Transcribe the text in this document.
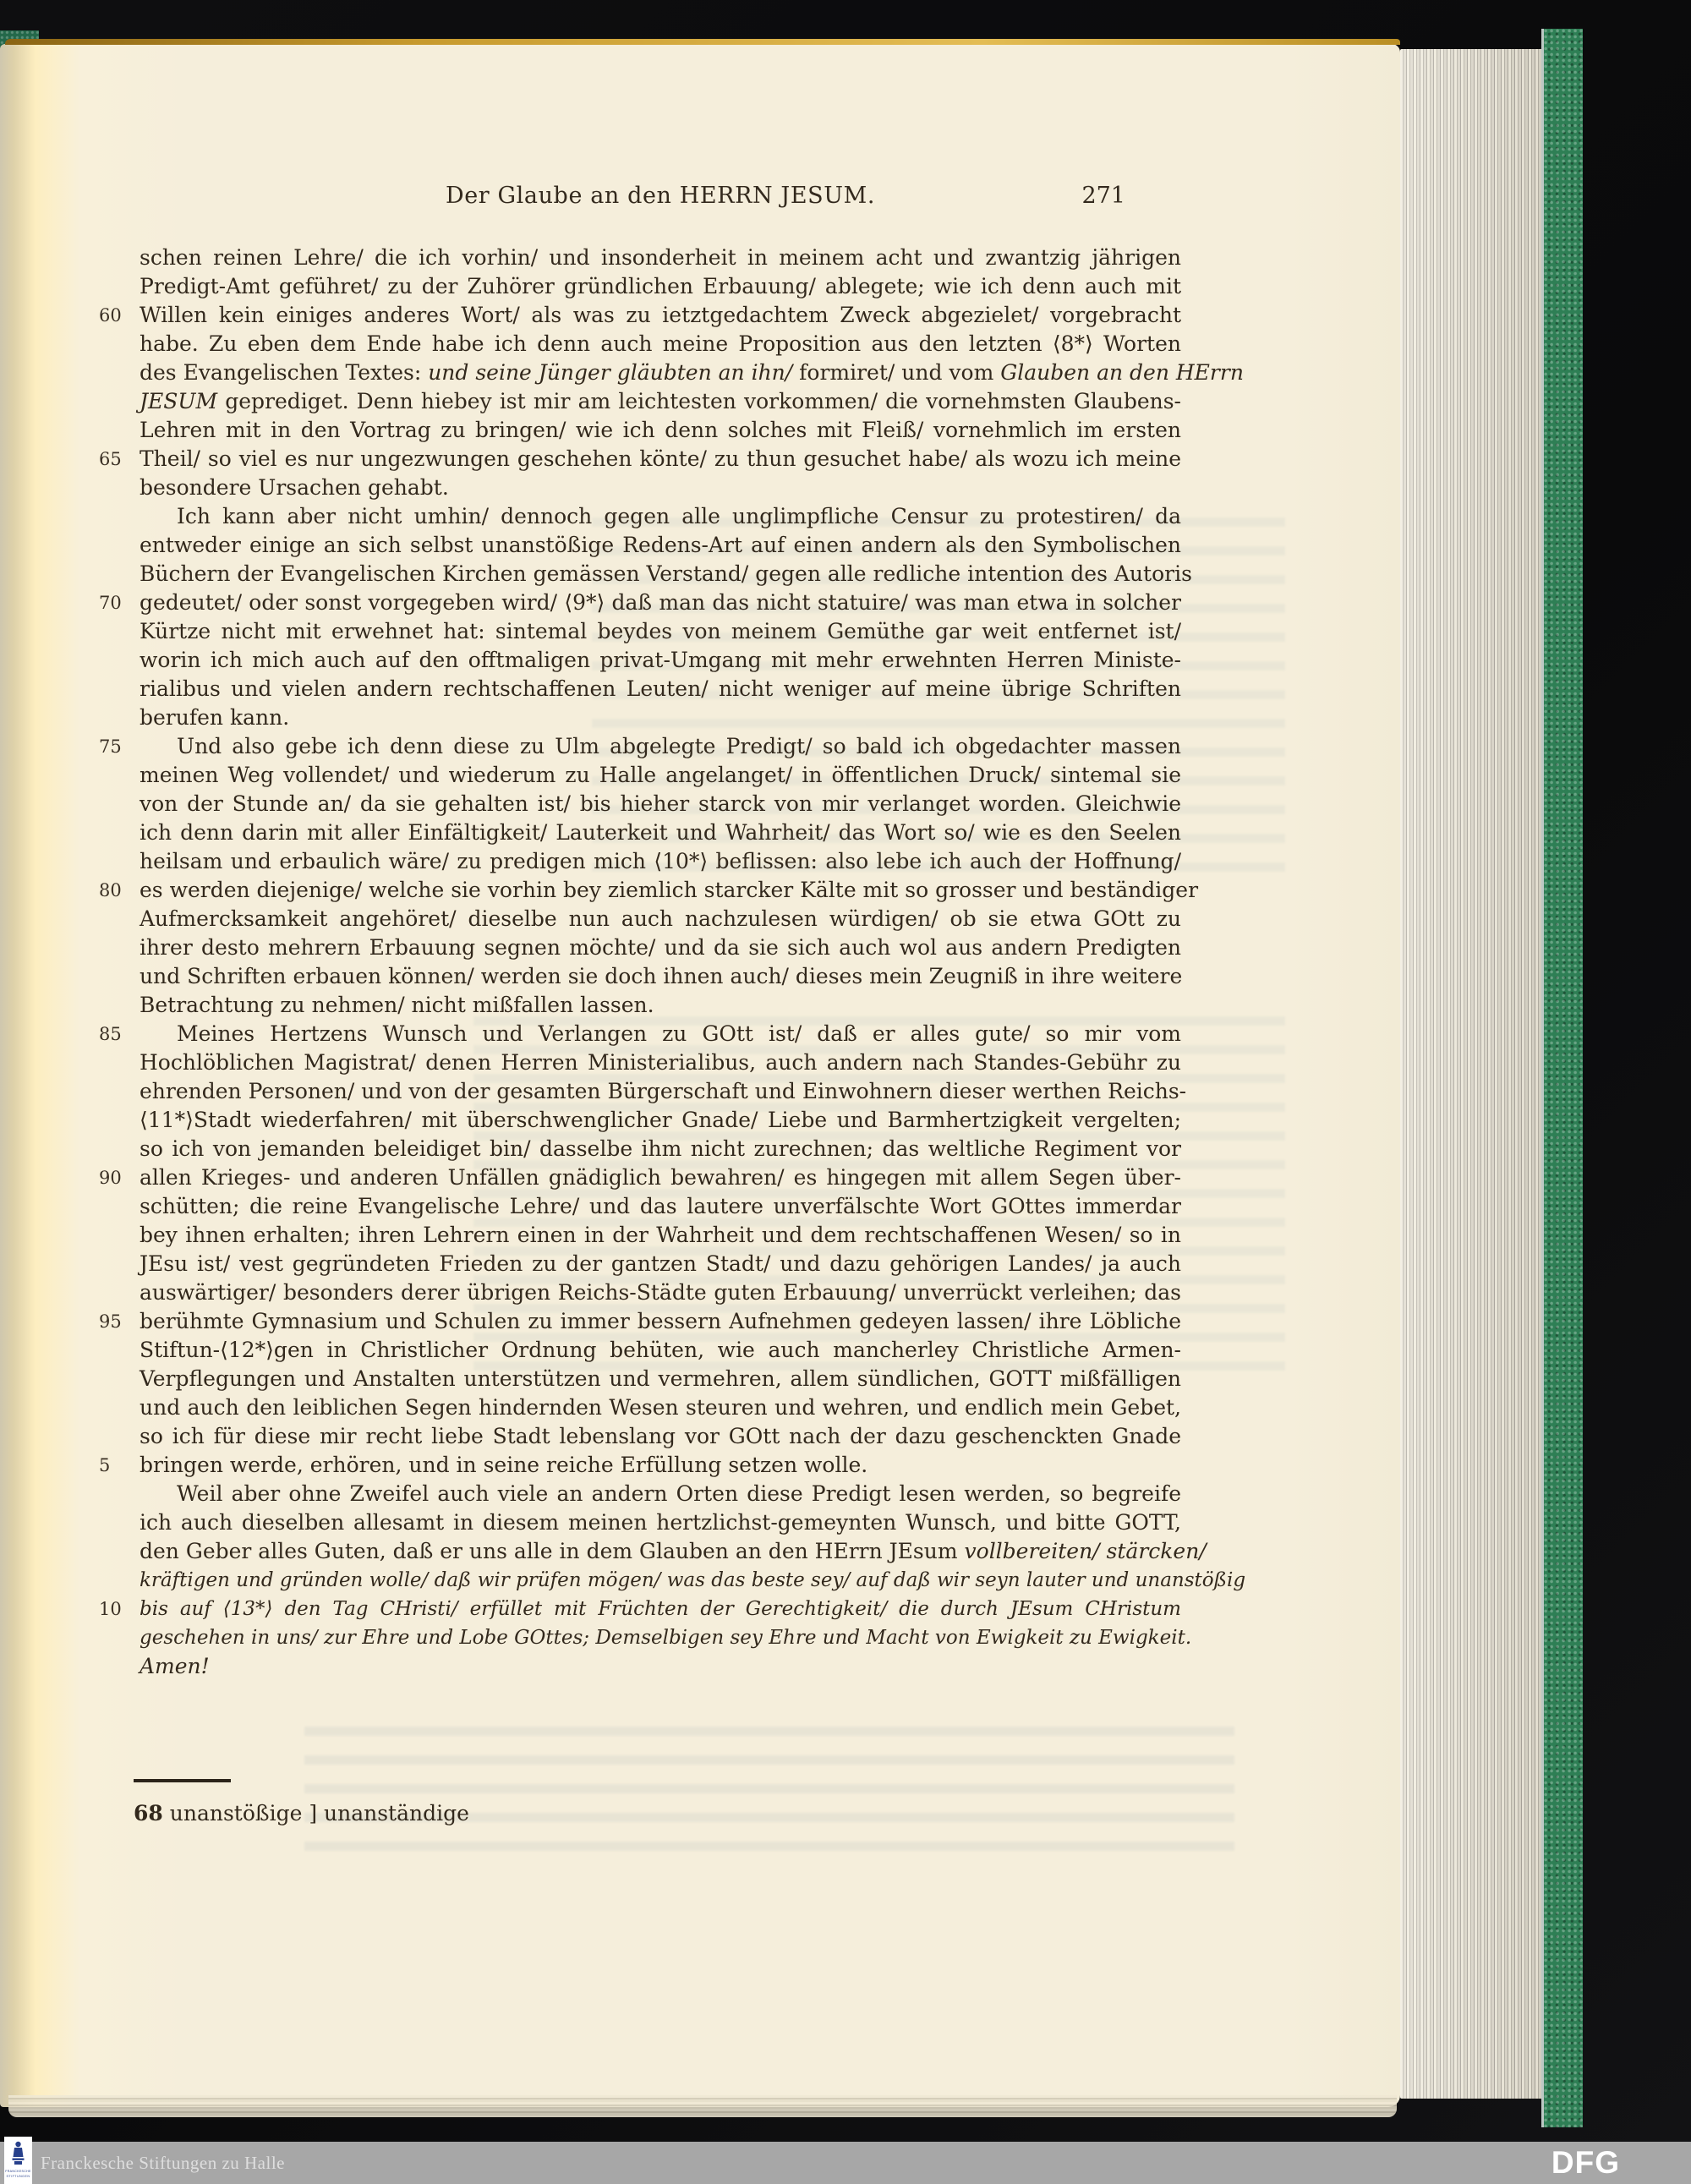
Der Glaube an den HERRN JESUM.	271
schen reinen Lehre/ die ich vorhin/ und insonderheit in meinem acht und zwantzig jährigen
Predigt-Amt geführet/ zu der Zuhörer gründlichen Erbauung/ ablegete; wie ich denn auch mit
60 Willen kein einiges anderes Wort/ als was zu ietztgedachtem Zweck abgezielet/ vorgebracht
habe. Zu eben dem Ende habe ich denn auch meine Proposition aus den letzten ⟨8*⟩ Worten
des Evangelischen Textes: und seine Jünger gläubten an ihn/ formiret/ und vom Glauben an den HErrn
JESUM geprediget. Denn hiebey ist mir am leichtesten vorkommen/ die vornehmsten Glaubens-
Lehren mit in den Vortrag zu bringen/ wie ich denn solches mit Fleiß/ vornehmlich im ersten
65 Theil/ so viel es nur ungezwungen geschehen könte/ zu thun gesuchet habe/ als wozu ich meine
besondere Ursachen gehabt.
Ich kann aber nicht umhin/ dennoch gegen alle unglimpfliche Censur zu protestiren/ da
entweder einige an sich selbst unanstößige Redens-Art auf einen andern als den Symbolischen
Büchern der Evangelischen Kirchen gemässen Verstand/ gegen alle redliche intention des Autoris
70 gedeutet/ oder sonst vorgegeben wird/ ⟨9*⟩ daß man das nicht statuire/ was man etwa in solcher
Kürtze nicht mit erwehnet hat: sintemal beydes von meinem Gemüthe gar weit entfernet ist/
worin ich mich auch auf den offtmaligen privat-Umgang mit mehr erwehnten Herren Ministe-
rialibus und vielen andern rechtschaffenen Leuten/ nicht weniger auf meine übrige Schriften
berufen kann.
75	Und also gebe ich denn diese zu Ulm abgelegte Predigt/ so bald ich obgedachter massen
meinen Weg vollendet/ und wiederum zu Halle angelanget/ in öffentlichen Druck/ sintemal sie
von der Stunde an/ da sie gehalten ist/ bis hieher starck von mir verlanget worden. Gleichwie
ich denn darin mit aller Einfältigkeit/ Lauterkeit und Wahrheit/ das Wort so/ wie es den Seelen
heilsam und erbaulich wäre/ zu predigen mich ⟨10*⟩ beflissen: also lebe ich auch der Hoffnung/
80 es werden diejenige/ welche sie vorhin bey ziemlich starcker Kälte mit so grosser und beständiger
Aufmercksamkeit angehöret/ dieselbe nun auch nachzulesen würdigen/ ob sie etwa GOtt zu
ihrer desto mehrern Erbauung segnen möchte/ und da sie sich auch wol aus andern Predigten
und Schriften erbauen können/ werden sie doch ihnen auch/ dieses mein Zeugniß in ihre weitere
Betrachtung zu nehmen/ nicht mißfallen lassen.
85	Meines Hertzens Wunsch und Verlangen zu GOtt ist/ daß er alles gute/ so mir vom
Hochlöblichen Magistrat/ denen Herren Ministerialibus, auch andern nach Standes-Gebühr zu
ehrenden Personen/ und von der gesamten Bürgerschaft und Einwohnern dieser werthen Reichs-
⟨11*⟩Stadt wiederfahren/ mit überschwenglicher Gnade/ Liebe und Barmhertzigkeit vergelten;
so ich von jemanden beleidiget bin/ dasselbe ihm nicht zurechnen; das weltliche Regiment vor
90 allen Krieges- und anderen Unfällen gnädiglich bewahren/ es hingegen mit allem Segen über-
schütten; die reine Evangelische Lehre/ und das lautere unverfälschte Wort GOttes immerdar
bey ihnen erhalten; ihren Lehrern einen in der Wahrheit und dem rechtschaffenen Wesen/ so in
JEsu ist/ vest gegründeten Frieden zu der gantzen Stadt/ und dazu gehörigen Landes/ ja auch
auswärtiger/ besonders derer übrigen Reichs-Städte guten Erbauung/ unverrückt verleihen; das
95 berühmte Gymnasium und Schulen zu immer bessern Aufnehmen gedeyen lassen/ ihre Löbliche
Stiftun-⟨12*⟩gen in Christlicher Ordnung behüten, wie auch mancherley Christliche Armen-
Verpflegungen und Anstalten unterstützen und vermehren, allem sündlichen, GOTT mißfälligen
und auch den leiblichen Segen hindernden Wesen steuren und wehren, und endlich mein Gebet,
so ich für diese mir recht liebe Stadt lebenslang vor GOtt nach der dazu geschenckten Gnade
5	bringen werde, erhören, und in seine reiche Erfüllung setzen wolle.
Weil aber ohne Zweifel auch viele an andern Orten diese Predigt lesen werden, so begreife
ich auch dieselben allesamt in diesem meinen hertzlichst-gemeynten Wunsch, und bitte GOTT,
den Geber alles Guten, daß er uns alle in dem Glauben an den HErrn JEsum vollbereiten/ stärcken/
kräftigen und gründen wolle/ daß wir prüfen mögen/ was das beste sey/ auf daß wir seyn lauter und unanstößig
10 bis auf ⟨13*⟩ den Tag CHristi/ erfüllet mit Früchten der Gerechtigkeit/ die durch JEsum CHristum
geschehen in uns/ zur Ehre und Lobe GOttes; Demselbigen sey Ehre und Macht von Ewigkeit zu Ewigkeit.
Amen!
68 unanstößige ] unanständige
FRANCKESCHE
STIFTUNGEN
Franckesche Stiftungen zu Halle	DFG
